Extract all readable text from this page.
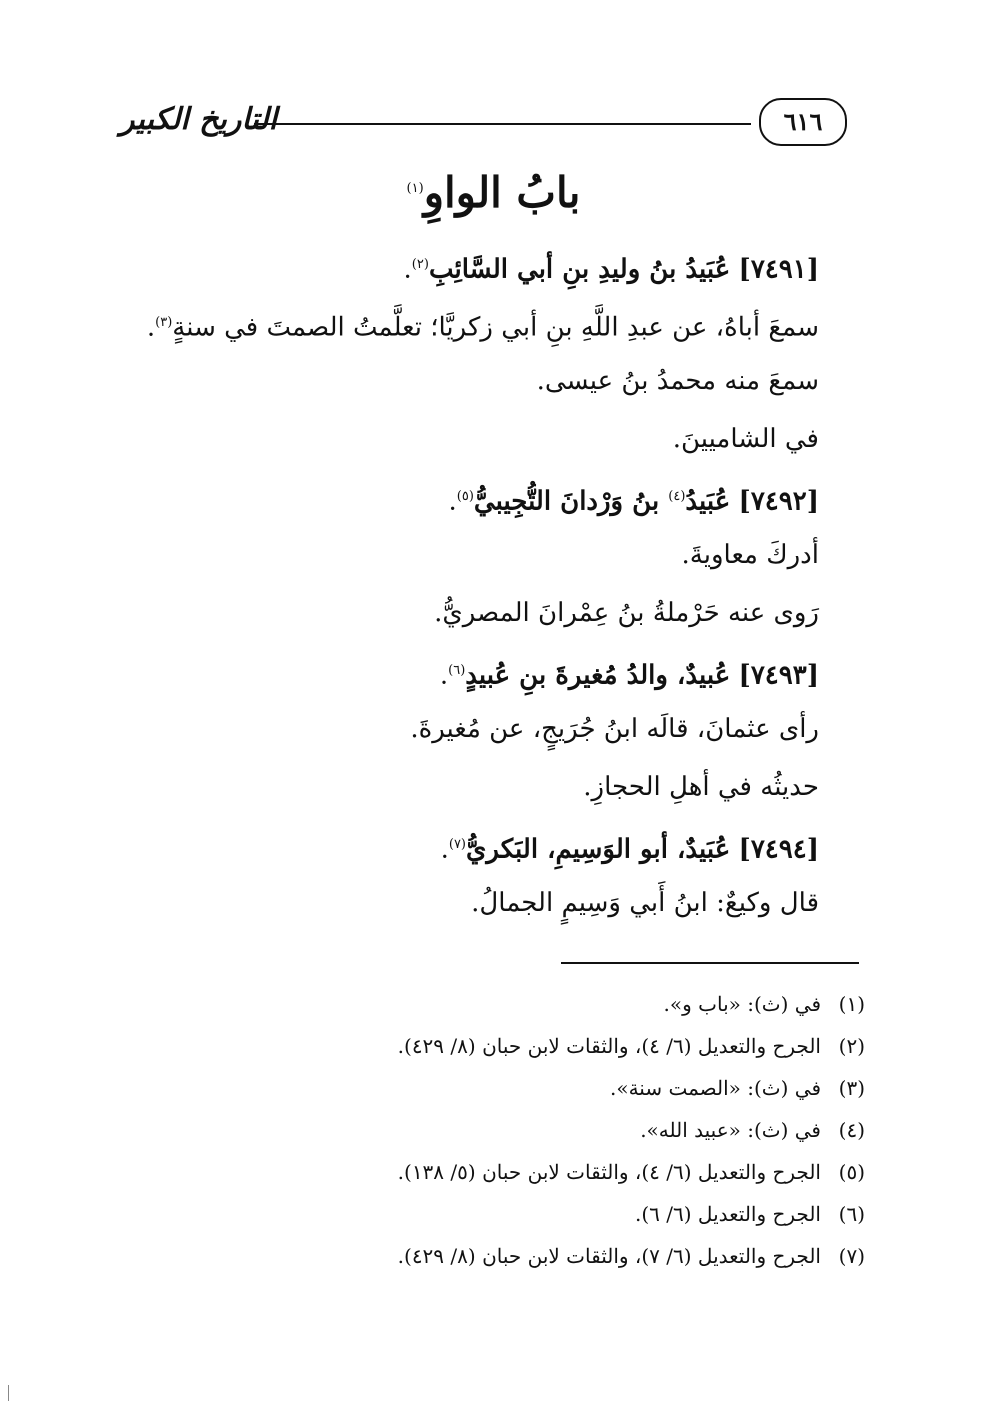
التاريخ الكبير	٦١٦
بابُ الواوِ$^{(١)}$
[٧٤٩١] عُبَيدُ بنُ وليدِ بنِ أبي السَّائِبِ$^{(٢)}$.
سمعَ أباهُ، عن عبدِ اللَّهِ بنِ أبي زكريَّا؛ تعلَّمتُ الصمتَ في سنةٍ$^{(٣)}$.
سمعَ منه محمدُ بنُ عيسى.
في الشاميينَ.
[٧٤٩٢] عُبَيدُ$^{(٤)}$ بنُ وَرْدانَ التُّجِيبيُّ$^{(٥)}$.
أدركَ معاويةَ.
رَوى عنه حَرْملةُ بنُ عِمْرانَ المصريُّ.
[٧٤٩٣] عُبيدٌ، والدُ مُغيرةَ بنِ عُبيدٍ$^{(٦)}$.
رأى عثمانَ، قالَه ابنُ جُرَيجٍ، عن مُغيرةَ.
حديثُه في أهلِ الحجازِ.
[٧٤٩٤] عُبَيدٌ، أبو الوَسِيمِ، البَكريُّ$^{(٧)}$.
قال وكيعٌ: ابنُ أَبي وَسِيمٍ الجمالُ.
(١)في (ث): «باب و».
(٢)الجرح والتعديل (٦/ ٤)، والثقات لابن حبان (٨/ ٤٢٩).
(٣)في (ث): «الصمت سنة».
(٤)في (ث): «عبيد الله».
(٥)الجرح والتعديل (٦/ ٤)، والثقات لابن حبان (٥/ ١٣٨).
(٦)الجرح والتعديل (٦/ ٦).
(٧)الجرح والتعديل (٦/ ٧)، والثقات لابن حبان (٨/ ٤٢٩).
